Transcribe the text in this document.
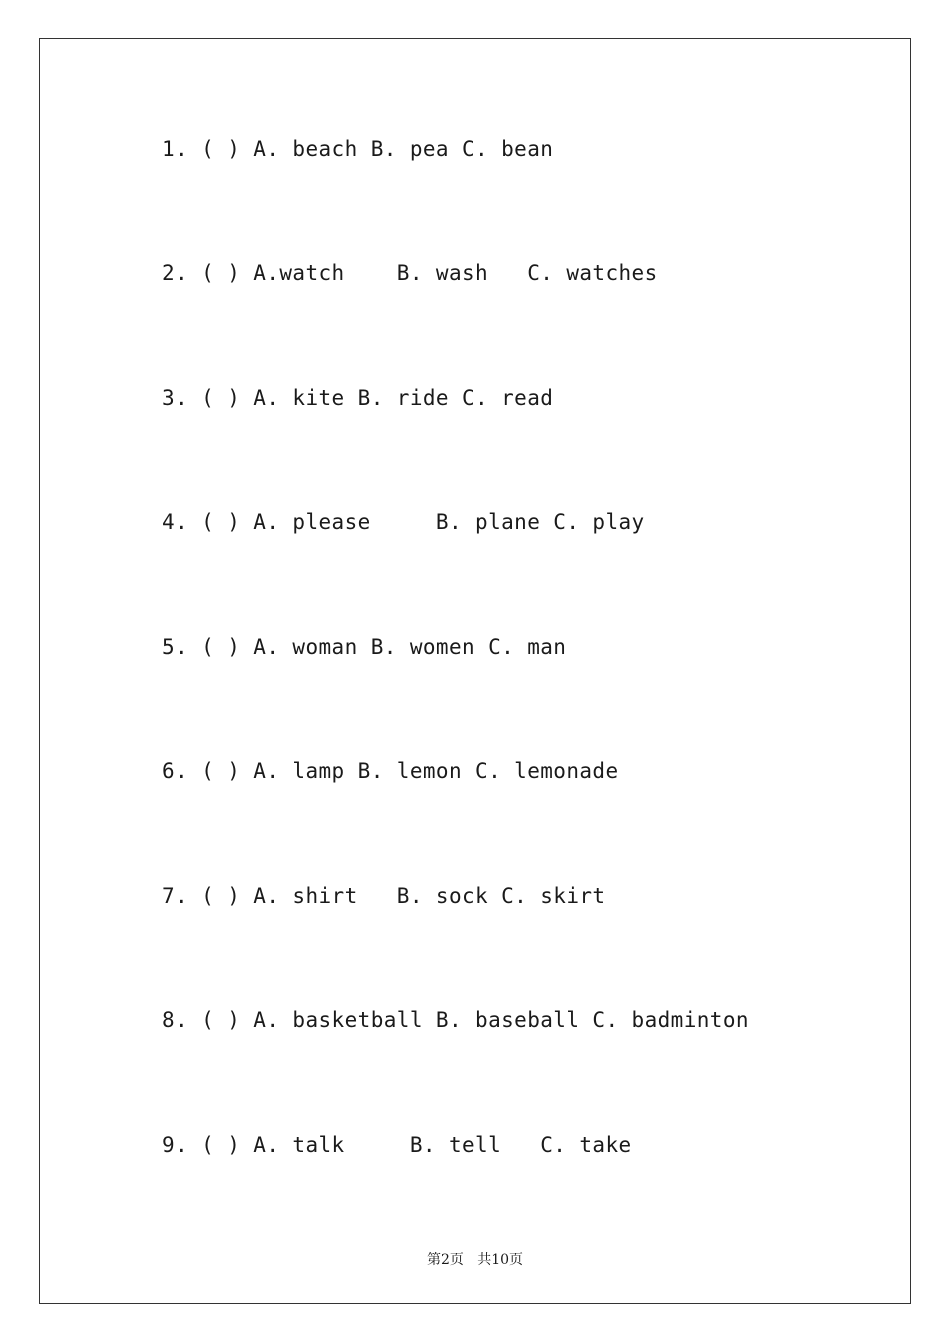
1. ( ) A. beach B. pea C. bean
2. ( ) A.watch    B. wash   C. watches
3. ( ) A. kite B. ride C. read
4. ( ) A. please     B. plane C. play
5. ( ) A. woman B. women C. man
6. ( ) A. lamp B. lemon C. lemonade
7. ( ) A. shirt   B. sock C. skirt
8. ( ) A. basketball B. baseball C. badminton
9. ( ) A. talk     B. tell   C. take
第2页   共10页
